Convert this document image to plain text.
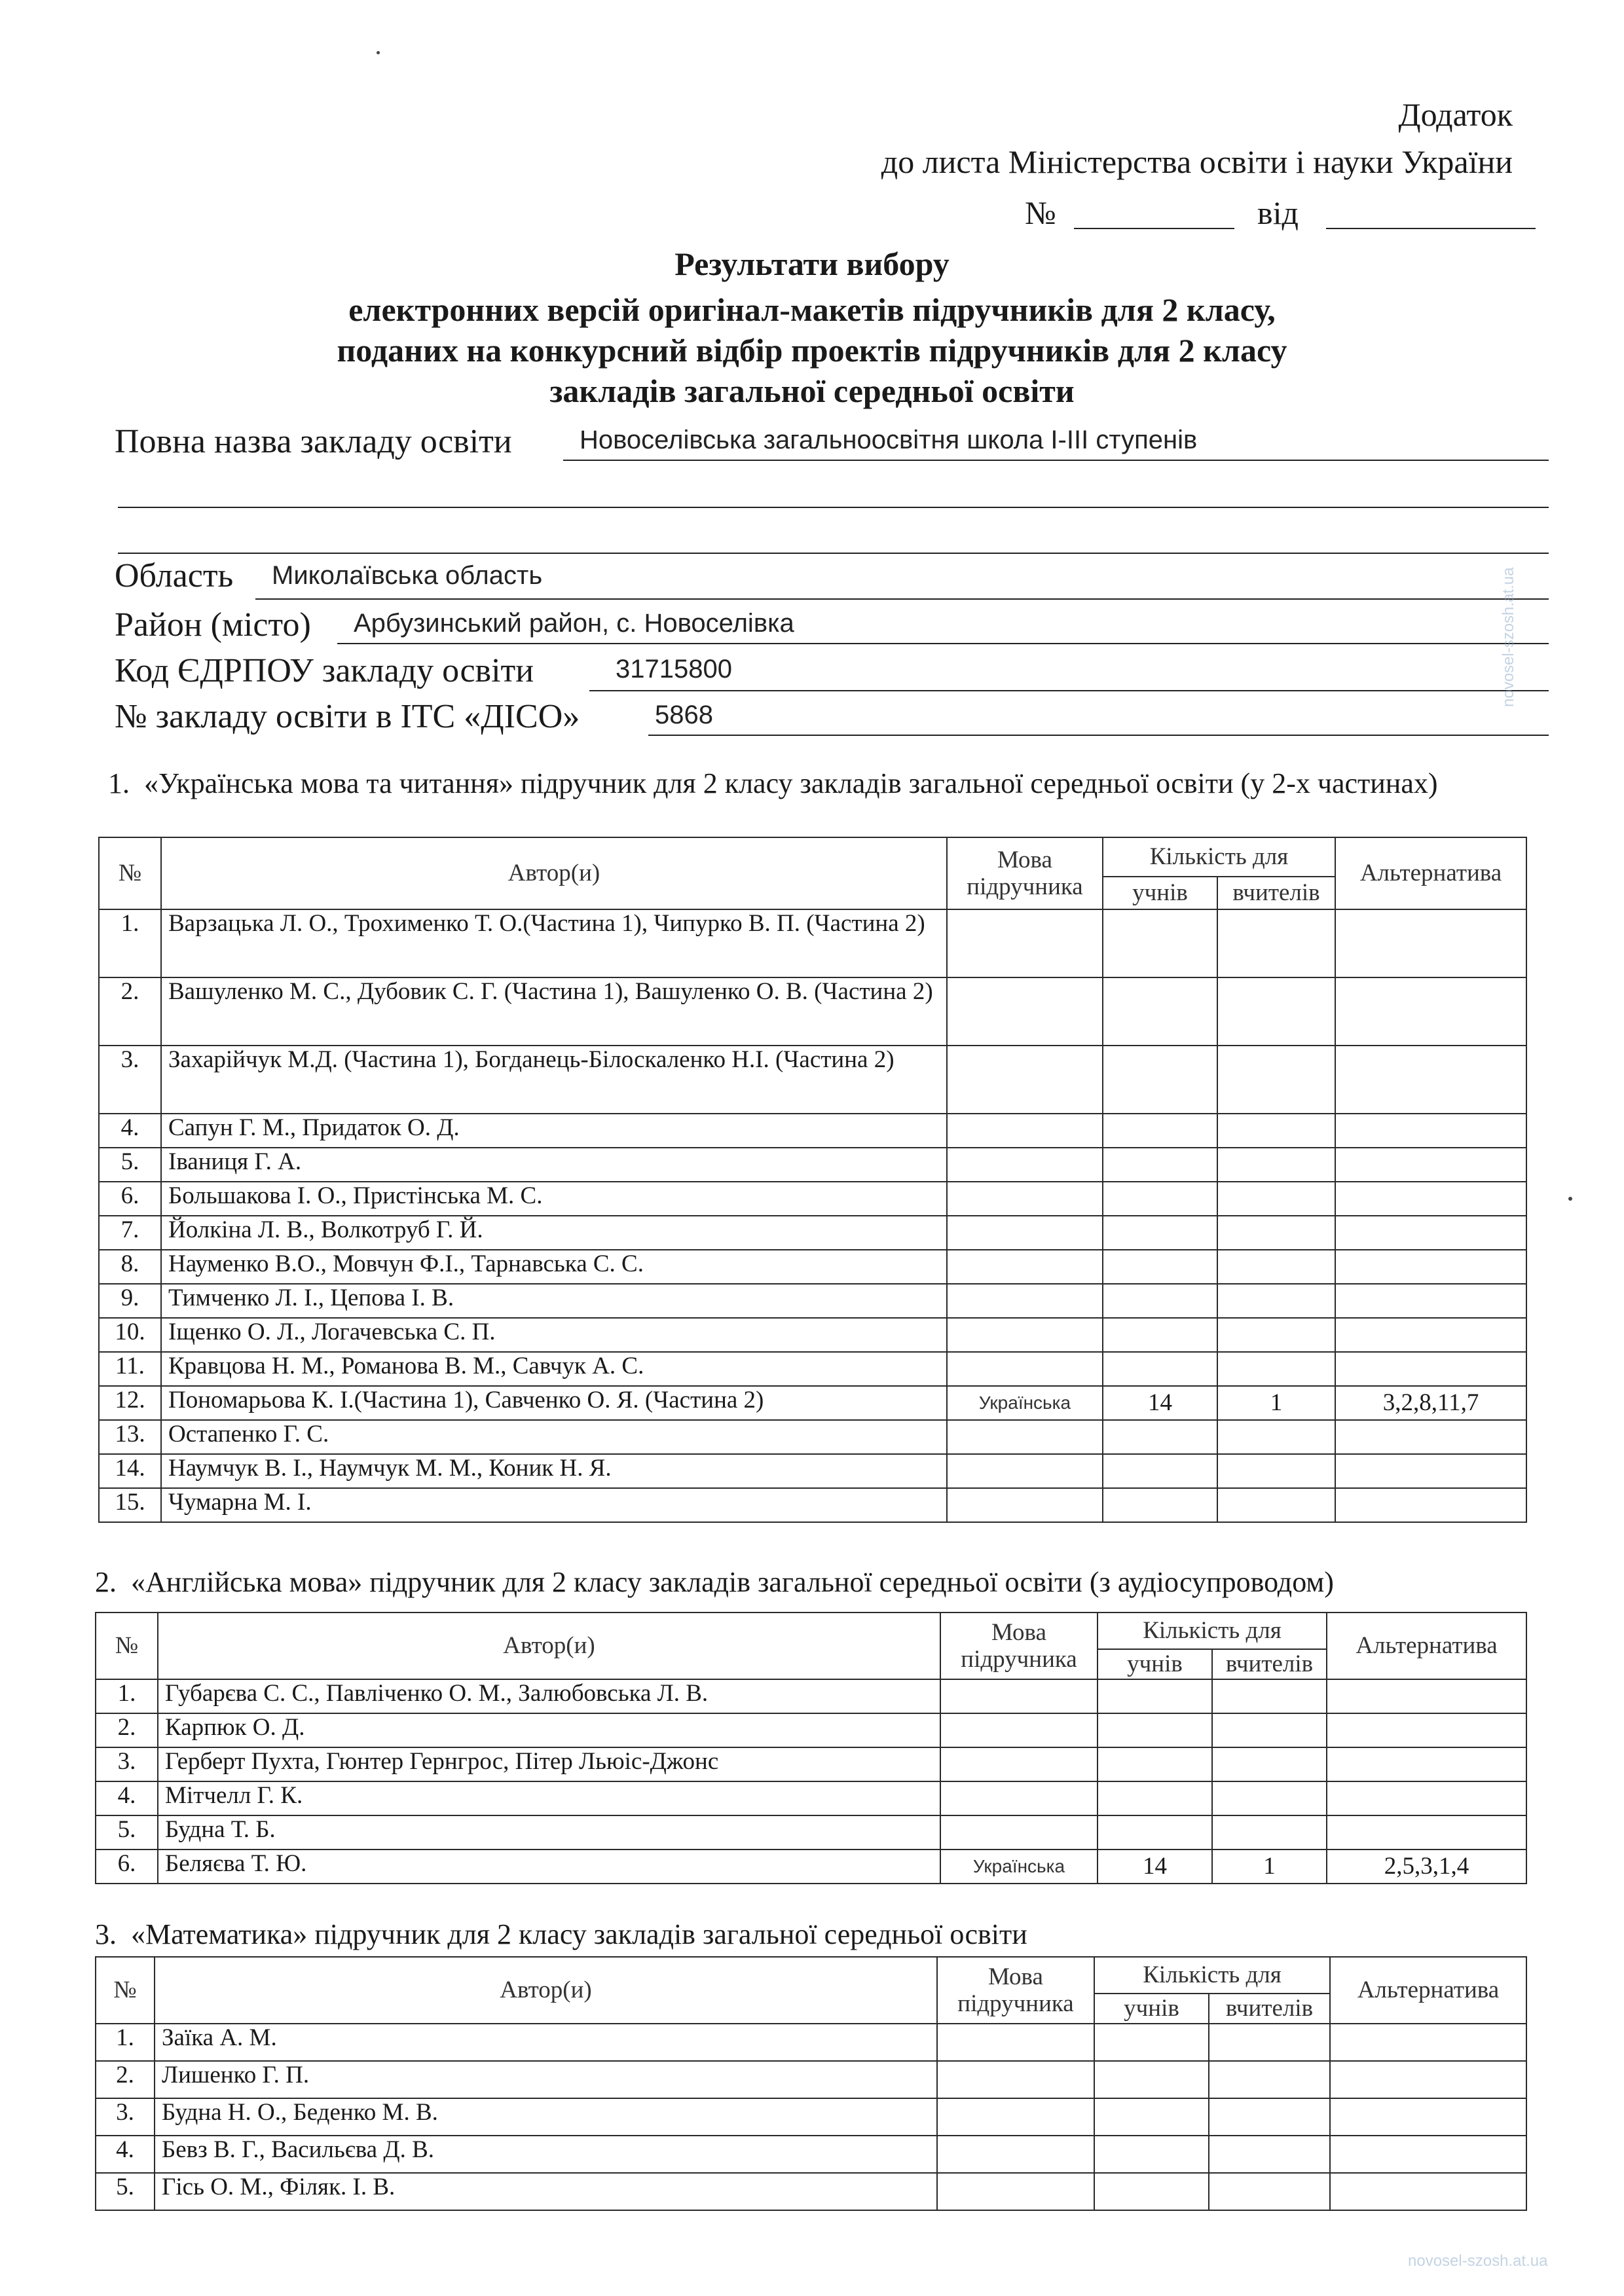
Додаток
до листа Міністерства освіти і науки України
№	від
Результати вибору
електронних версій оригінал-макетів підручників для 2 класу,
поданих на конкурсний відбір проектів підручників для 2 класу
закладів загальної середньої освіти
Повна назва закладу освіти	Новоселівська загальноосвітня школа І-ІІІ ступенів
Область Миколаївська область
Район (місто) Арбузинський район, с. Новоселівка
Код ЄДРПОУ закладу освіти	31715800
№ закладу освіти в ІТС «ДІСО»	5868
1. «Українська мова та читання» підручник для 2 класу закладів загальної середньої освіти (у 2-х частинах)
№	Автор(и)	Мова підручника	Кількість для		Альтернатива
			учнів	вчителів	
1.	Варзацька Л. О., Трохименко Т. О.(Частина 1), Чипурко В. П. (Частина 2)				
2.	Вашуленко М. С., Дубовик С. Г. (Частина 1), Вашуленко О. В. (Частина 2)				
3.	Захарійчук М.Д. (Частина 1), Богданець-Білоскаленко Н.І. (Частина 2)				
4.	Сапун Г. М., Придаток О. Д.				
5.	Іваниця Г. А.				
6.	Большакова І. О., Пристінська М. С.				
7.	Йолкіна Л. В., Волкотруб Г. Й.				
8.	Науменко В.О., Мовчун Ф.І., Тарнавська С. С.				
9.	Тимченко Л. І., Цепова І. В.				
10.	Іщенко О. Л., Логачевська С. П.				
11.	Кравцова Н. М., Романова В. М., Савчук А. С.				
12.	Пономарьова К. І.(Частина 1), Савченко О. Я. (Частина 2)	Українська	14	1	3,2,8,11,7
13.	Остапенко Г. С.				
14.	Наумчук В. І., Наумчук М. М., Коник Н. Я.				
15.	Чумарна М. І.				
2. «Англійська мова» підручник для 2 класу закладів загальної середньої освіти (з аудіосупроводом)
№	Автор(и)	Мова підручника	Кількість для		Альтернатива
			учнів	вчителів	
1.	Губарєва С. С., Павліченко О. М., Залюбовська Л. В.				
2.	Карпюк О. Д.				
3.	Герберт Пухта, Гюнтер Гернгрос, Пітер Льюіс-Джонс				
4.	Мітчелл Г. К.				
5.	Будна Т. Б.				
6.	Беляєва Т. Ю.	Українська	14	1	2,5,3,1,4
3. «Математика» підручник для 2 класу закладів загальної середньої освіти
№	Автор(и)	Мова підручника	Кількість для		Альтернатива
			учнів	вчителів	
1.	Заїка А. М.				
2.	Лишенко Г. П.				
3.	Будна Н. О., Беденко М. В.				
4.	Бевз В. Г., Васильєва Д. В.				
5.	Гісь О. М., Філяк. І. В.				
novosel-szosh.at.ua
novosel-szosh.at.ua
